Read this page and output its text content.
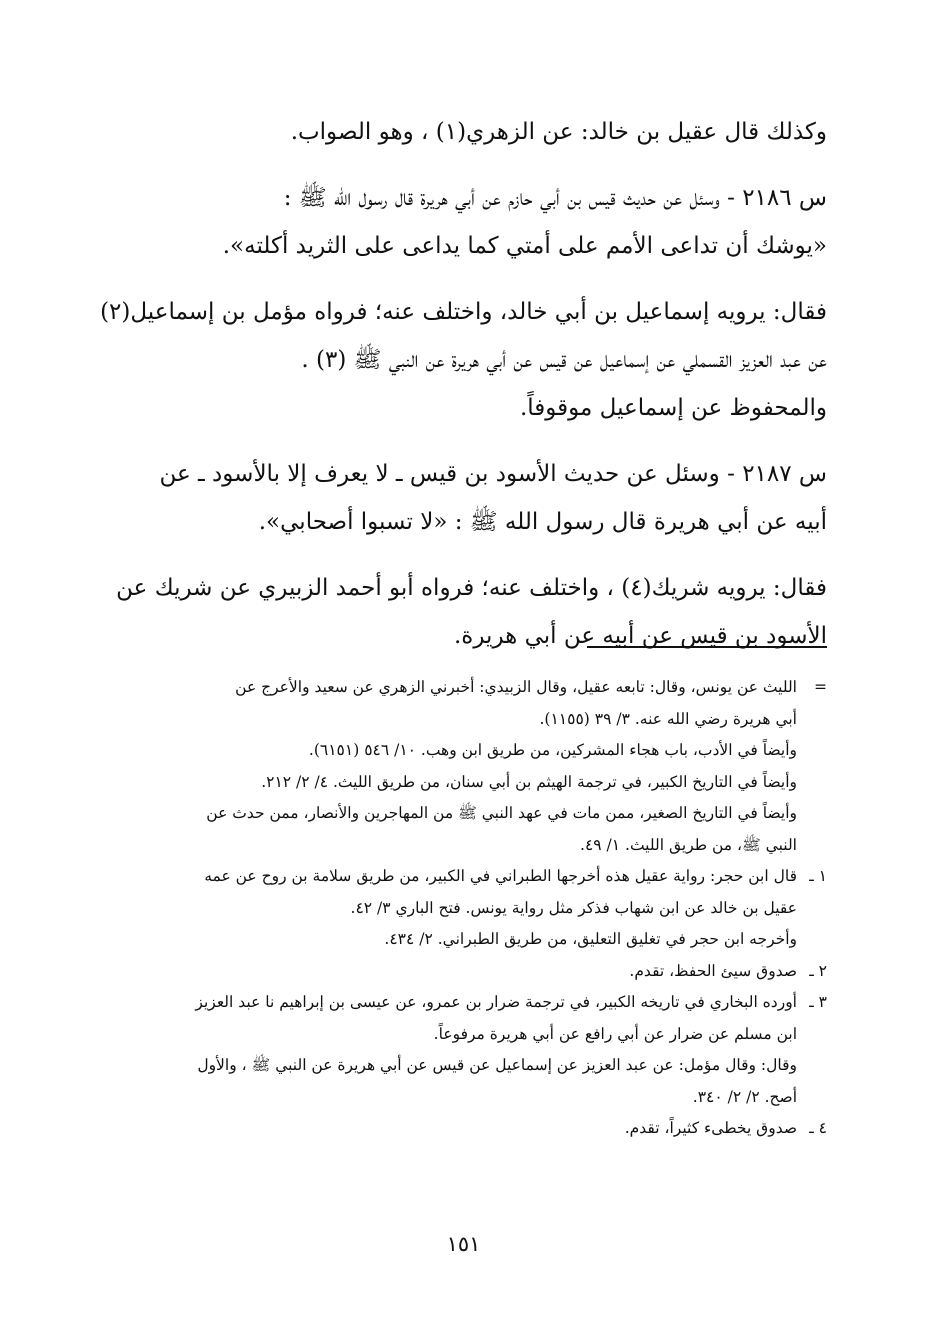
وكذلك قال عقيل بن خالد: عن الزهري(١) ، وهو الصواب.
س ٢١٨٦ - وسئل عن حديث قيس بن أبي حازم عن أبي هريرة قال رسول الله ﷺ :
«يوشك أن تداعى الأمم على أمتي كما يداعى على الثريد أكلته».
فقال: يرويه إسماعيل بن أبي خالد، واختلف عنه؛ فرواه مؤمل بن إسماعيل(٢)
عن عبد العزيز القسملي عن إسماعيل عن قيس عن أبي هريرة عن النبي ﷺ (٣) .
والمحفوظ عن إسماعيل موقوفاً.
س ٢١٨٧ - وسئل عن حديث الأسود بن قيس ـ لا يعرف إلا بالأسود ـ عن
أبيه عن أبي هريرة قال رسول الله ﷺ : «لا تسبوا أصحابي».
فقال: يرويه شريك(٤) ، واختلف عنه؛ فرواه أبو أحمد الزبيري عن شريك عن
الأسود بن قيس عن أبيه عن أبي هريرة.
=الليث عن يونس، وقال: تابعه عقيل، وقال الزبيدي: أخبرني الزهري عن سعيد والأعرج عن
أبي هريرة رضي الله عنه. ٣/ ٣٩ (١١٥٥).
وأيضاً في الأدب، باب هجاء المشركين، من طريق ابن وهب. ١٠/ ٥٤٦ (٦١٥١).
وأيضاً في التاريخ الكبير، في ترجمة الهيثم بن أبي سنان، من طريق الليث. ٤/ ٢/ ٢١٢.
وأيضاً في التاريخ الصغير، ممن مات في عهد النبي ﷺ من المهاجرين والأنصار، ممن حدث عن
النبي ﷺ، من طريق الليث. ١/ ٤٩.
١ ـقال ابن حجر: رواية عقيل هذه أخرجها الطبراني في الكبير، من طريق سلامة بن روح عن عمه
عقيل بن خالد عن ابن شهاب فذكر مثل رواية يونس. فتح الباري ٣/ ٤٢.
وأخرجه ابن حجر في تغليق التعليق، من طريق الطبراني. ٢/ ٤٣٤.
٢ ـصدوق سيئ الحفظ، تقدم.
٣ ـأورده البخاري في تاريخه الكبير، في ترجمة ضرار بن عمرو، عن عيسى بن إبراهيم نا عبد العزيز
ابن مسلم عن ضرار عن أبي رافع عن أبي هريرة مرفوعاً.
وقال: وقال مؤمل: عن عبد العزيز عن إسماعيل عن قيس عن أبي هريرة عن النبي ﷺ ، والأول
أصح. ٢/ ٢/ ٣٤٠.
٤ ـصدوق يخطىء كثيراً، تقدم.
١٥١
